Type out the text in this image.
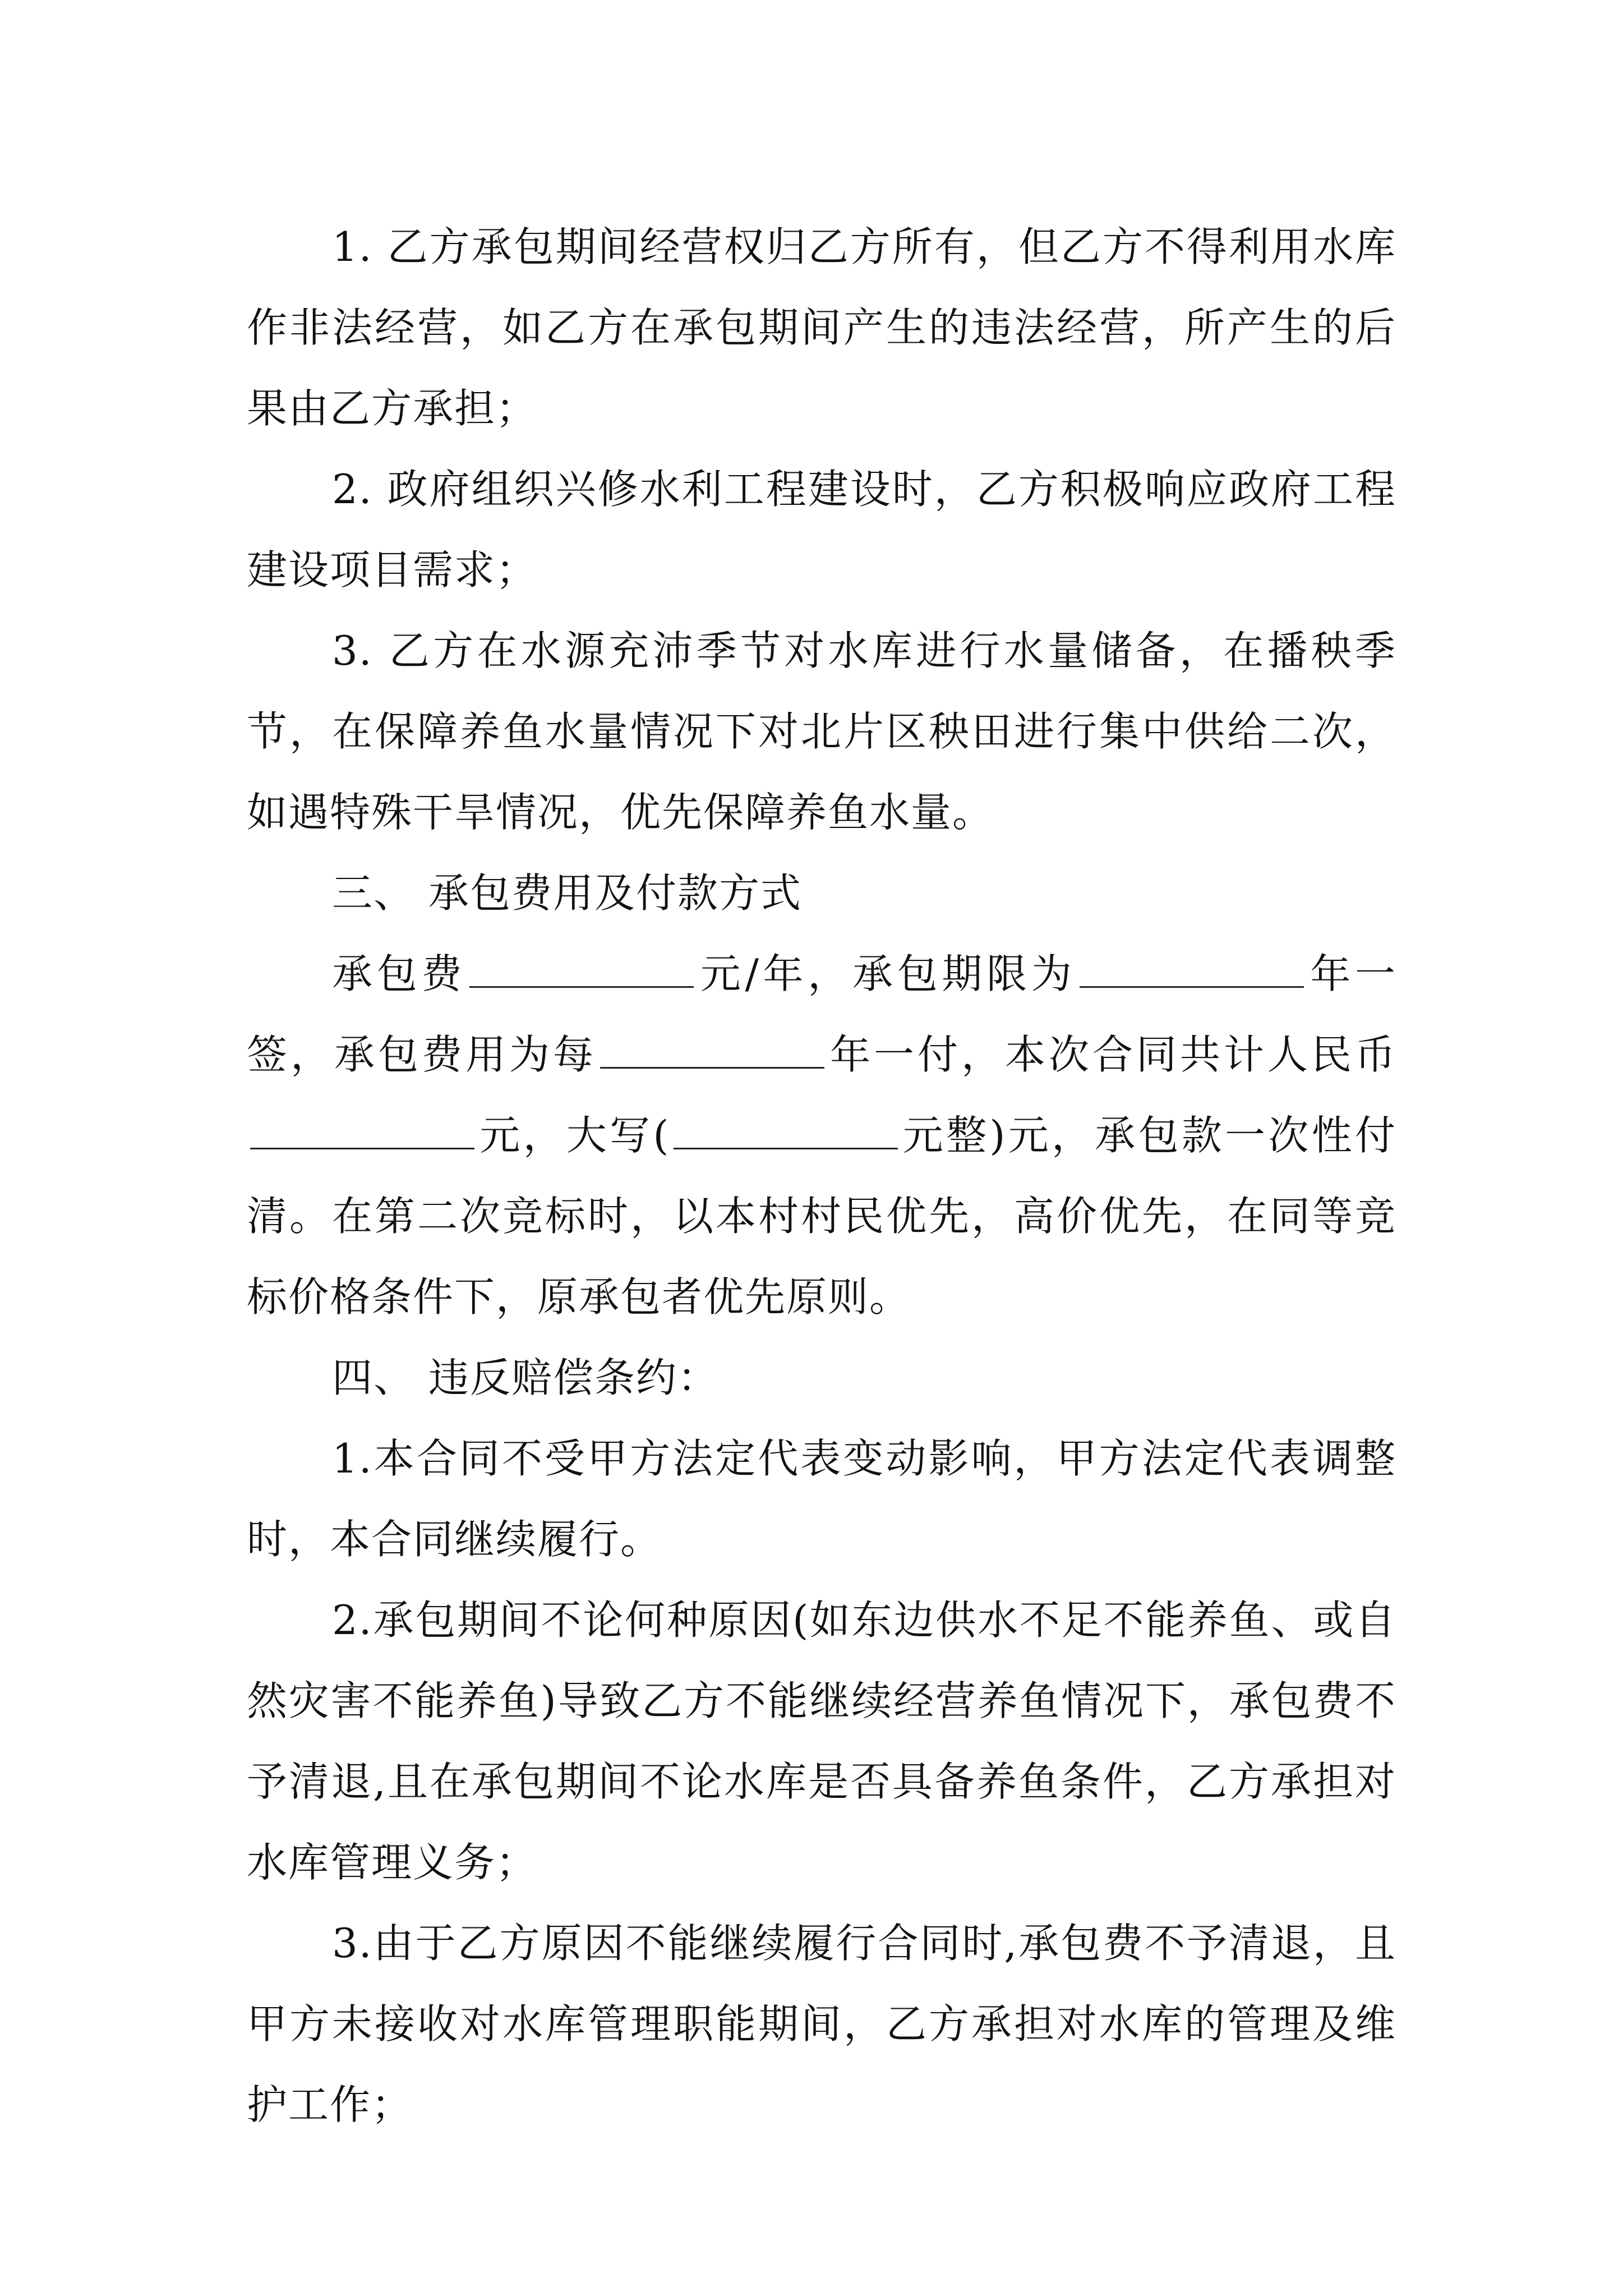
1. 乙方承包期间经营权归乙方所有，但乙方不得利用水库作非法经营，如乙方在承包期间产生的违法经营，所产生的后果由乙方承担；

2. 政府组织兴修水利工程建设时，乙方积极响应政府工程建设项目需求；

3. 乙方在水源充沛季节对水库进行水量储备，在播秧季节，在保障养鱼水量情况下对北片区秧田进行集中供给二次，如遇特殊干旱情况，优先保障养鱼水量。

三、 承包费用及付款方式

承包费	元/年，承包期限为	年一签，承包费用为每	年一付，本次合同共计人民币元，大写(	元整)元，承包款一次性付清。在第二次竞标时，以本村村民优先，高价优先，在同等竞标价格条件下，原承包者优先原则。

四、 违反赔偿条约：

1.本合同不受甲方法定代表变动影响，甲方法定代表调整时，本合同继续履行。

2.承包期间不论何种原因(如东边供水不足不能养鱼、或自然灾害不能养鱼)导致乙方不能继续经营养鱼情况下，承包费不予清退,且在承包期间不论水库是否具备养鱼条件，乙方承担对水库管理义务；

3.由于乙方原因不能继续履行合同时,承包费不予清退，且甲方未接收对水库管理职能期间，乙方承担对水库的管理及维护工作；
